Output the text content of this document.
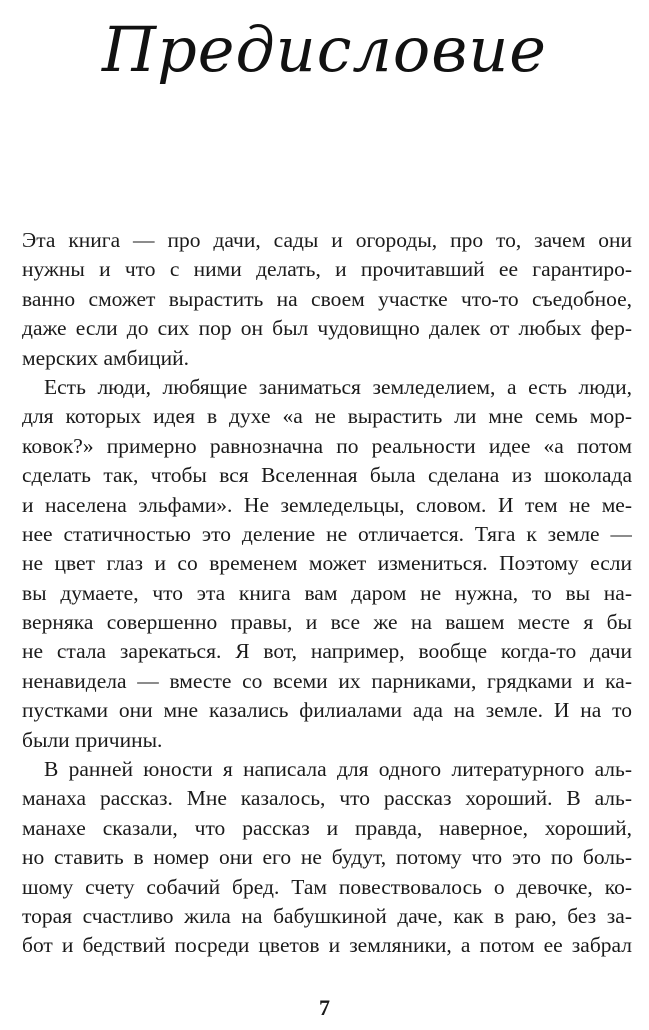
Предисловие
Эта книга — про дачи, сады и огороды, про то, зачем они
нужны и что с ними делать, и прочитавший ее гарантиро-
ванно сможет вырастить на своем участке что-то съедобное,
даже если до сих пор он был чудовищно далек от любых фер-
мерских амбиций.
Есть люди, любящие заниматься земледелием, а есть люди,
для которых идея в духе «а не вырастить ли мне семь мор-
ковок?» примерно равнозначна по реальности идее «а потом
сделать так, чтобы вся Вселенная была сделана из шоколада
и населена эльфами». Не земледельцы, словом. И тем не ме-
нее статичностью это деление не отличается. Тяга к земле —
не цвет глаз и со временем может измениться. Поэтому если
вы думаете, что эта книга вам даром не нужна, то вы на-
верняка совершенно правы, и все же на вашем месте я бы
не стала зарекаться. Я вот, например, вообще когда-то дачи
ненавидела — вместе со всеми их парниками, грядками и ка-
пустками они мне казались филиалами ада на земле. И на то
были причины.
В ранней юности я написала для одного литературного аль-
манаха рассказ. Мне казалось, что рассказ хороший. В аль-
манахе сказали, что рассказ и правда, наверное, хороший,
но ставить в номер они его не будут, потому что это по боль-
шому счету собачий бред. Там повествовалось о девочке, ко-
торая счастливо жила на бабушкиной даче, как в раю, без за-
бот и бедствий посреди цветов и земляники, а потом ее забрал
7
